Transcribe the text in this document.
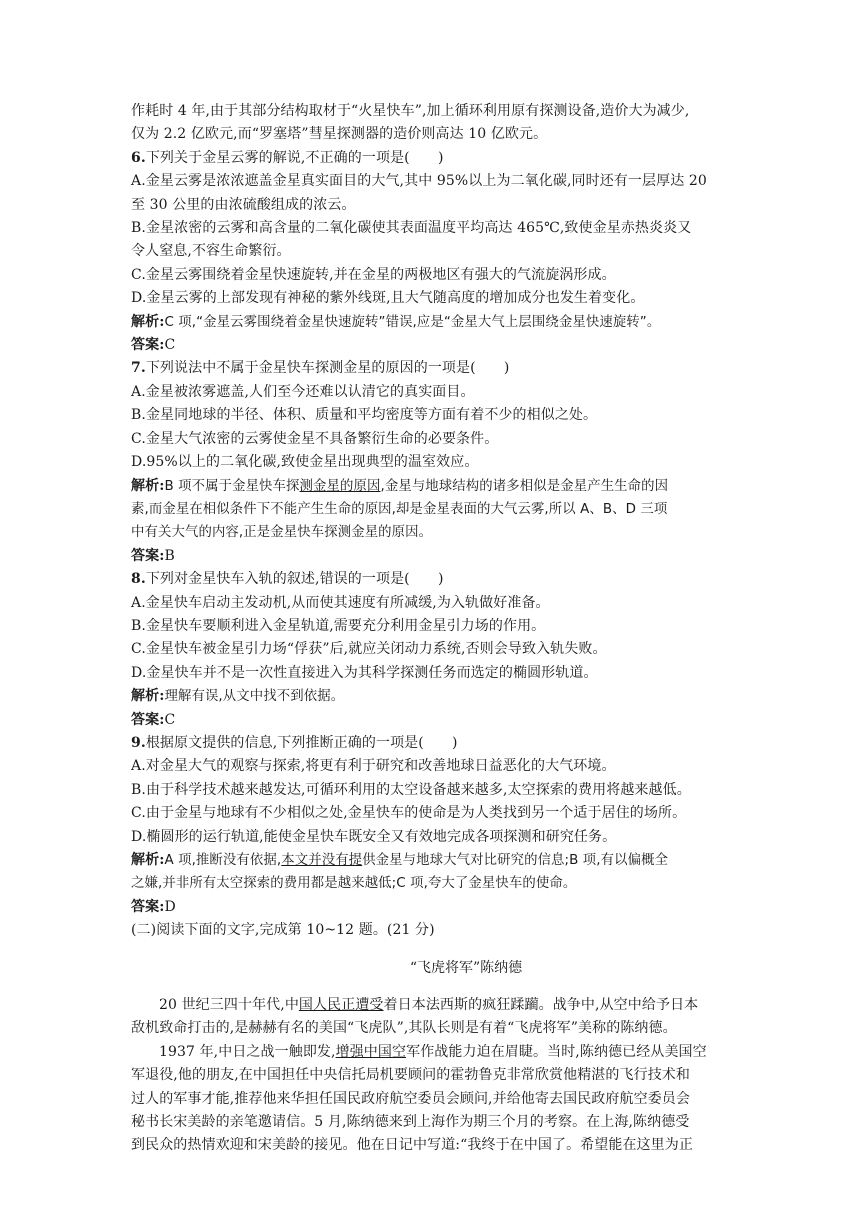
作耗时 4 年,由于其部分结构取材于“火星快车”,加上循环利用原有探测设备,造价大为减少,

仅为 2.2 亿欧元,而“罗塞塔”彗星探测器的造价则高达 10 亿欧元。

6.下列关于金星云雾的解说,不正确的一项是(　　)

A.金星云雾是浓浓遮盖金星真实面目的大气,其中 95%以上为二氧化碳,同时还有一层厚达 20

至 30 公里的由浓硫酸组成的浓云。

B.金星浓密的云雾和高含量的二氧化碳使其表面温度平均高达 465℃,致使金星赤热炎炎又

令人窒息,不容生命繁衍。

C.金星云雾围绕着金星快速旋转,并在金星的两极地区有强大的气流旋涡形成。

D.金星云雾的上部发现有神秘的紫外线斑,且大气随高度的增加成分也发生着变化。

解析:C 项,“金星云雾围绕着金星快速旋转”错误,应是“金星大气上层围绕金星快速旋转”。

答案:C

7.下列说法中不属于金星快车探测金星的原因的一项是(　　)

A.金星被浓雾遮盖,人们至今还难以认清它的真实面目。

B.金星同地球的半径、体积、质量和平均密度等方面有着不少的相似之处。

C.金星大气浓密的云雾使金星不具备繁衍生命的必要条件。

D.95%以上的二氧化碳,致使金星出现典型的温室效应。

解析:B 项不属于金星快车探测金星的原因,金星与地球结构的诸多相似是金星产生生命的因

素,而金星在相似条件下不能产生生命的原因,却是金星表面的大气云雾,所以 A、B、D 三项

中有关大气的内容,正是金星快车探测金星的原因。

答案:B

8.下列对金星快车入轨的叙述,错误的一项是(　　)

A.金星快车启动主发动机,从而使其速度有所减缓,为入轨做好准备。

B.金星快车要顺利进入金星轨道,需要充分利用金星引力场的作用。

C.金星快车被金星引力场“俘获”后,就应关闭动力系统,否则会导致入轨失败。

D.金星快车并不是一次性直接进入为其科学探测任务而选定的椭圆形轨道。

解析:理解有误,从文中找不到依据。

答案:C

9.根据原文提供的信息,下列推断正确的一项是(　　)

A.对金星大气的观察与探索,将更有利于研究和改善地球日益恶化的大气环境。

B.由于科学技术越来越发达,可循环利用的太空设备越来越多,太空探索的费用将越来越低。

C.由于金星与地球有不少相似之处,金星快车的使命是为人类找到另一个适于居住的场所。

D.椭圆形的运行轨道,能使金星快车既安全又有效地完成各项探测和研究任务。

解析:A 项,推断没有依据,本文并没有提供金星与地球大气对比研究的信息;B 项,有以偏概全

之嫌,并非所有太空探索的费用都是越来越低;C 项,夸大了金星快车的使命。

答案:D

(二)阅读下面的文字,完成第 10~12 题。(21 分)

“飞虎将军”陈纳德

20 世纪三四十年代,中国人民正遭受着日本法西斯的疯狂蹂躏。战争中,从空中给予日本

敌机致命打击的,是赫赫有名的美国“飞虎队”,其队长则是有着“飞虎将军”美称的陈纳德。

1937 年,中日之战一触即发,增强中国空军作战能力迫在眉睫。当时,陈纳德已经从美国空

军退役,他的朋友,在中国担任中央信托局机要顾问的霍勃鲁克非常欣赏他精湛的飞行技术和

过人的军事才能,推荐他来华担任国民政府航空委员会顾问,并给他寄去国民政府航空委员会

秘书长宋美龄的亲笔邀请信。5 月,陈纳德来到上海作为期三个月的考察。在上海,陈纳德受

到民众的热情欢迎和宋美龄的接见。他在日记中写道:“我终于在中国了。希望能在这里为正
